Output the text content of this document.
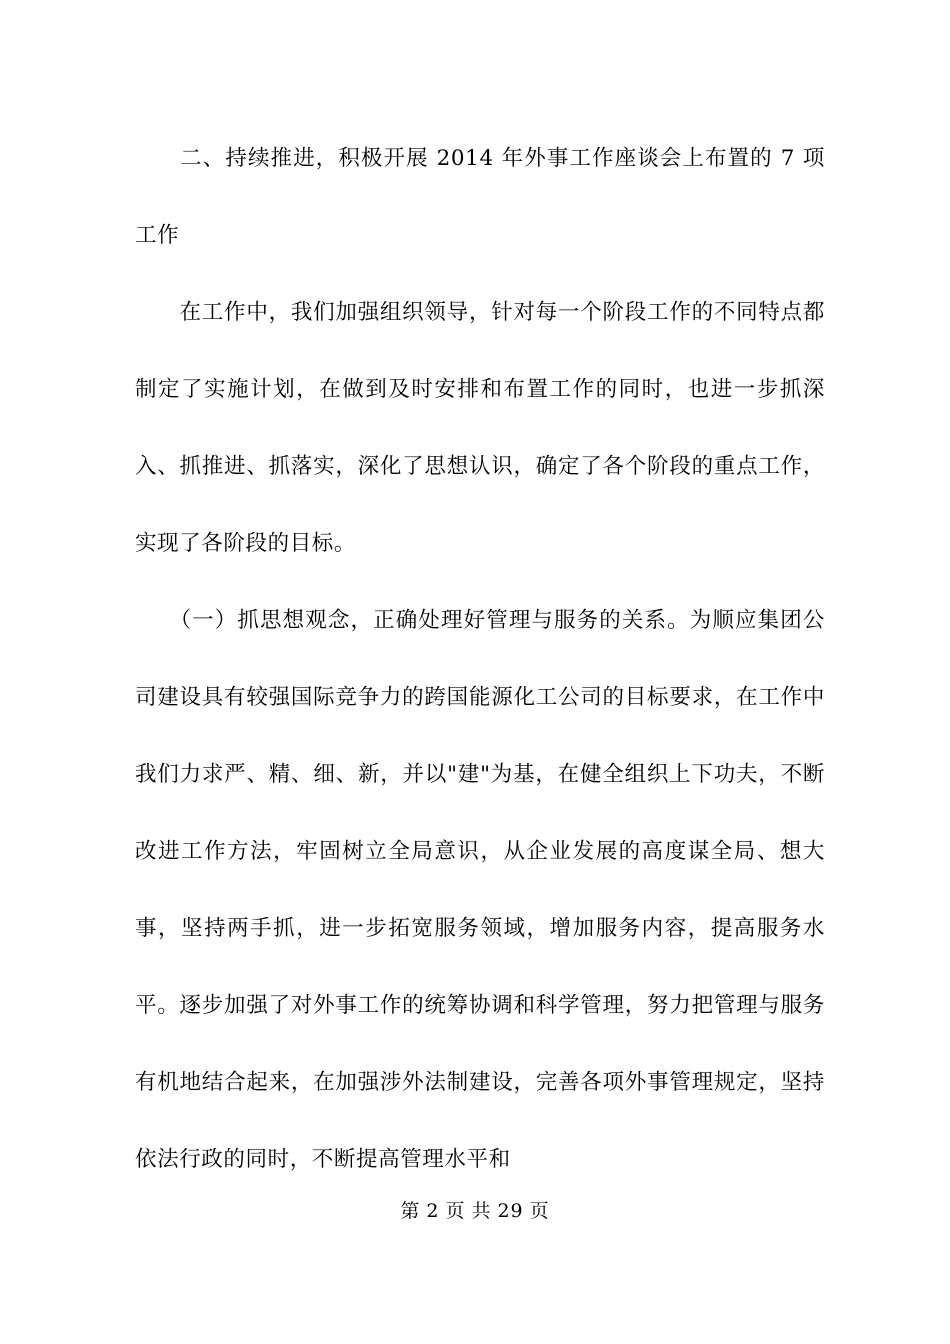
　　二、持续推进，积极开展 2014 年外事工作座谈会上布置的 7 项工作

　　在工作中，我们加强组织领导，针对每一个阶段工作的不同特点都制定了实施计划，在做到及时安排和布置工作的同时，也进一步抓深入、抓推进、抓落实，深化了思想认识，确定了各个阶段的重点工作，实现了各阶段的目标。

　　（一）抓思想观念，正确处理好管理与服务的关系。为顺应集团公司建设具有较强国际竞争力的跨国能源化工公司的目标要求，在工作中我们力求严、精、细、新，并以"建"为基，在健全组织上下功夫，不断改进工作方法，牢固树立全局意识，从企业发展的高度谋全局、想大事，坚持两手抓，进一步拓宽服务领域，增加服务内容，提高服务水平。逐步加强了对外事工作的统筹协调和科学管理，努力把管理与服务有机地结合起来，在加强涉外法制建设，完善各项外事管理规定，坚持依法行政的同时，不断提高管理水平和

第 2 页 共 29 页
